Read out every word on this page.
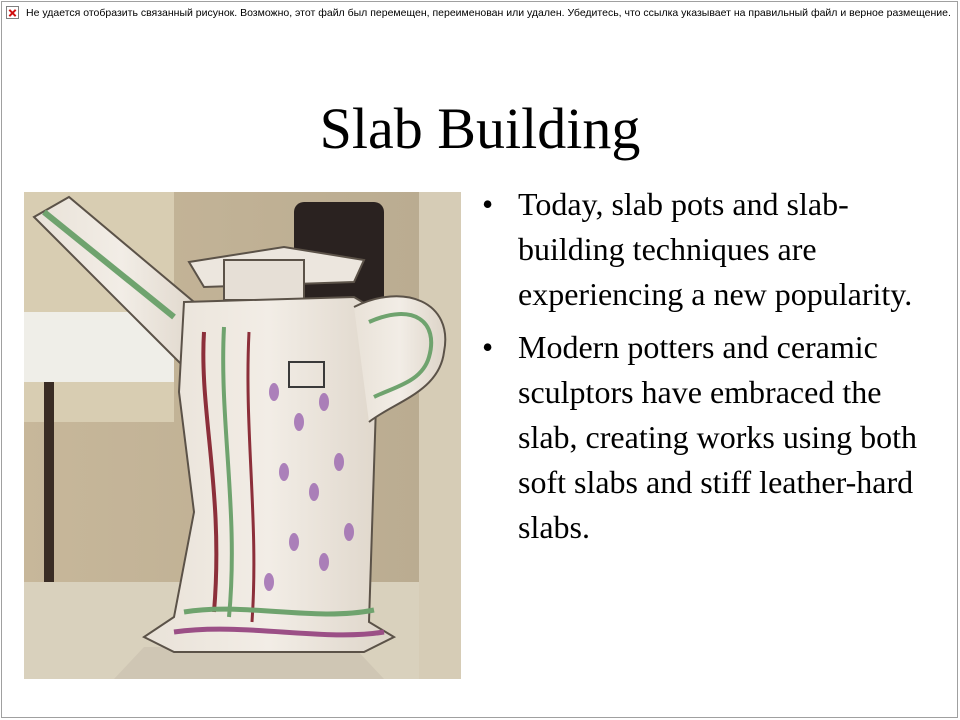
Не удается отобразить связанный рисунок. Возможно, этот файл был перемещен, переименован или удален. Убедитесь, что ссылка указывает на правильный файл и верное размещение.
Slab Building
• Today, slab pots and slab-building techniques are experiencing a new popularity.
• Modern potters and ceramic sculptors have embraced the slab, creating works using both soft slabs and stiff leather-hard slabs.
